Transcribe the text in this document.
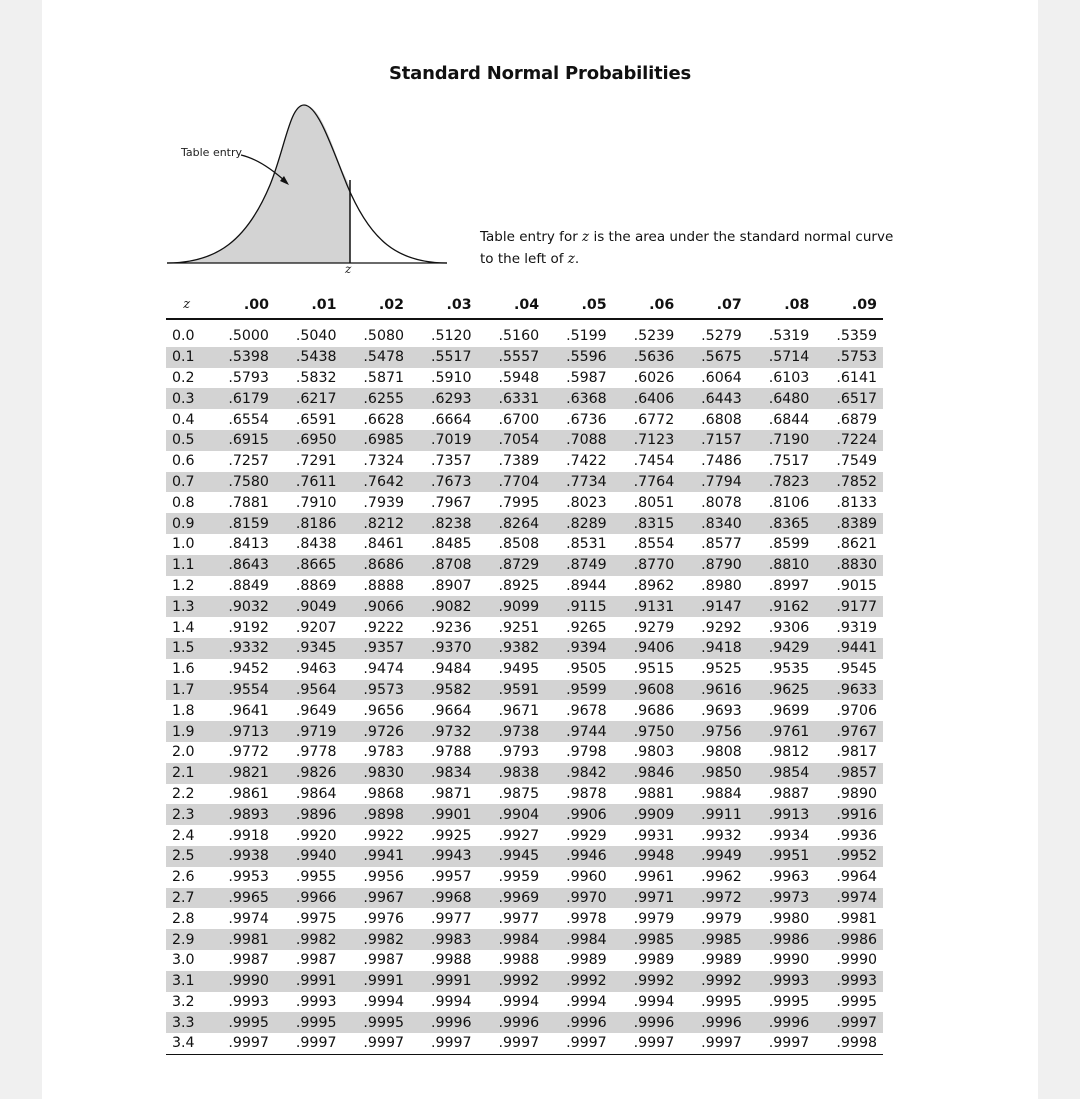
Standard Normal Probabilities
Table entry
z
Table entry for z is the area under the standard normal curve to the left of z.
z	.00	.01	.02	.03	.04	.05	.06	.07	.08	.09
0.0	.5000	.5040	.5080	.5120	.5160	.5199	.5239	.5279	.5319	.5359
0.1	.5398	.5438	.5478	.5517	.5557	.5596	.5636	.5675	.5714	.5753
0.2	.5793	.5832	.5871	.5910	.5948	.5987	.6026	.6064	.6103	.6141
0.3	.6179	.6217	.6255	.6293	.6331	.6368	.6406	.6443	.6480	.6517
0.4	.6554	.6591	.6628	.6664	.6700	.6736	.6772	.6808	.6844	.6879
0.5	.6915	.6950	.6985	.7019	.7054	.7088	.7123	.7157	.7190	.7224
0.6	.7257	.7291	.7324	.7357	.7389	.7422	.7454	.7486	.7517	.7549
0.7	.7580	.7611	.7642	.7673	.7704	.7734	.7764	.7794	.7823	.7852
0.8	.7881	.7910	.7939	.7967	.7995	.8023	.8051	.8078	.8106	.8133
0.9	.8159	.8186	.8212	.8238	.8264	.8289	.8315	.8340	.8365	.8389
1.0	.8413	.8438	.8461	.8485	.8508	.8531	.8554	.8577	.8599	.8621
1.1	.8643	.8665	.8686	.8708	.8729	.8749	.8770	.8790	.8810	.8830
1.2	.8849	.8869	.8888	.8907	.8925	.8944	.8962	.8980	.8997	.9015
1.3	.9032	.9049	.9066	.9082	.9099	.9115	.9131	.9147	.9162	.9177
1.4	.9192	.9207	.9222	.9236	.9251	.9265	.9279	.9292	.9306	.9319
1.5	.9332	.9345	.9357	.9370	.9382	.9394	.9406	.9418	.9429	.9441
1.6	.9452	.9463	.9474	.9484	.9495	.9505	.9515	.9525	.9535	.9545
1.7	.9554	.9564	.9573	.9582	.9591	.9599	.9608	.9616	.9625	.9633
1.8	.9641	.9649	.9656	.9664	.9671	.9678	.9686	.9693	.9699	.9706
1.9	.9713	.9719	.9726	.9732	.9738	.9744	.9750	.9756	.9761	.9767
2.0	.9772	.9778	.9783	.9788	.9793	.9798	.9803	.9808	.9812	.9817
2.1	.9821	.9826	.9830	.9834	.9838	.9842	.9846	.9850	.9854	.9857
2.2	.9861	.9864	.9868	.9871	.9875	.9878	.9881	.9884	.9887	.9890
2.3	.9893	.9896	.9898	.9901	.9904	.9906	.9909	.9911	.9913	.9916
2.4	.9918	.9920	.9922	.9925	.9927	.9929	.9931	.9932	.9934	.9936
2.5	.9938	.9940	.9941	.9943	.9945	.9946	.9948	.9949	.9951	.9952
2.6	.9953	.9955	.9956	.9957	.9959	.9960	.9961	.9962	.9963	.9964
2.7	.9965	.9966	.9967	.9968	.9969	.9970	.9971	.9972	.9973	.9974
2.8	.9974	.9975	.9976	.9977	.9977	.9978	.9979	.9979	.9980	.9981
2.9	.9981	.9982	.9982	.9983	.9984	.9984	.9985	.9985	.9986	.9986
3.0	.9987	.9987	.9987	.9988	.9988	.9989	.9989	.9989	.9990	.9990
3.1	.9990	.9991	.9991	.9991	.9992	.9992	.9992	.9992	.9993	.9993
3.2	.9993	.9993	.9994	.9994	.9994	.9994	.9994	.9995	.9995	.9995
3.3	.9995	.9995	.9995	.9996	.9996	.9996	.9996	.9996	.9996	.9997
3.4	.9997	.9997	.9997	.9997	.9997	.9997	.9997	.9997	.9997	.9998
